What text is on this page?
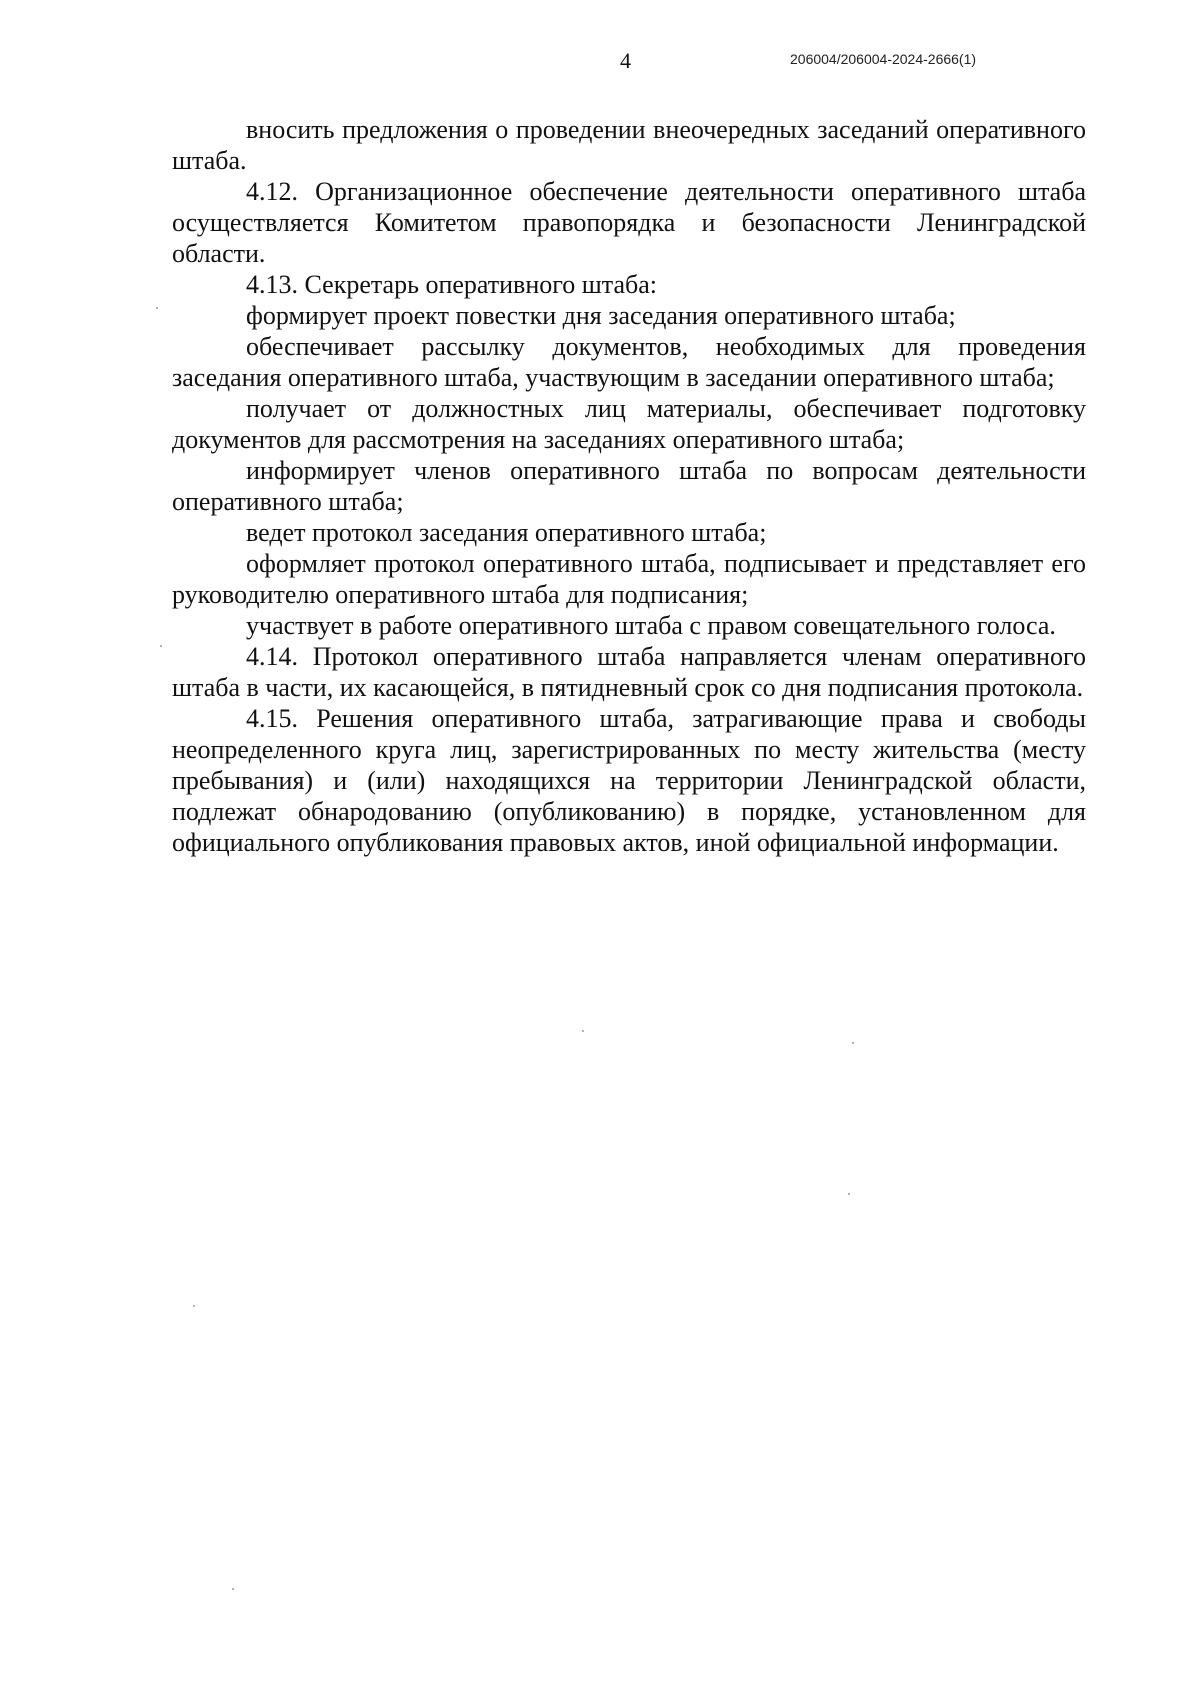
4	206004/206004-2024-2666(1)

вносить предложения о проведении внеочередных заседаний оперативного штаба.

4.12. Организационное обеспечение деятельности оперативного штаба осуществляется Комитетом правопорядка и безопасности Ленинградской области.

4.13. Секретарь оперативного штаба:

формирует проект повестки дня заседания оперативного штаба;

обеспечивает рассылку документов, необходимых для проведения заседания оперативного штаба, участвующим в заседании оперативного штаба;

получает от должностных лиц материалы, обеспечивает подготовку документов для рассмотрения на заседаниях оперативного штаба;

информирует членов оперативного штаба по вопросам деятельности оперативного штаба;

ведет протокол заседания оперативного штаба;

оформляет протокол оперативного штаба, подписывает и представляет его руководителю оперативного штаба для подписания;

участвует в работе оперативного штаба с правом совещательного голоса.

4.14. Протокол оперативного штаба направляется членам оперативного штаба в части, их касающейся, в пятидневный срок со дня подписания протокола.

4.15. Решения оперативного штаба, затрагивающие права и свободы неопределенного круга лиц, зарегистрированных по месту жительства (месту пребывания) и (или) находящихся на территории Ленинградской области, подлежат обнародованию (опубликованию) в порядке, установленном для официального опубликования правовых актов, иной официальной информации.
